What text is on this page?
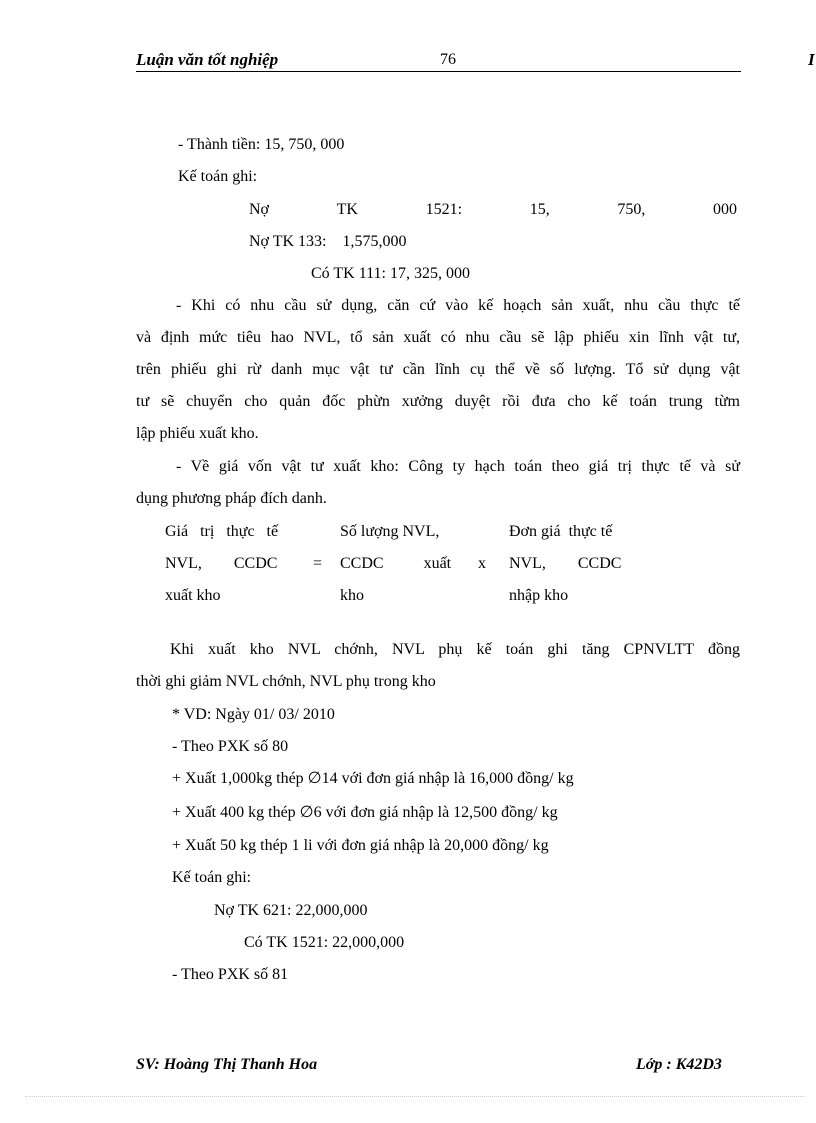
Luận văn tốt nghiệp	76	I
- Thành tiền: 15, 750, 000
Kế toán ghi:
Nợ	TK	1521:	15,	750,	000
Nợ TK 133:    1,575,000
Có TK 111: 17, 325, 000
- Khi có nhu cầu sử dụng, căn cứ vào kế hoạch sản xuất, nhu cầu thực tế
và định mức tiêu hao NVL, tổ sản xuất có nhu cầu sẽ lập phiếu xin lĩnh vật tư,
trên phiếu ghi rừ danh mục vật tư cần lĩnh cụ thể về số lượng. Tổ sử dụng vật
tư sẽ chuyển cho quản đốc phừn xưởng duyệt rồi đưa cho kế toán trung từm
lập phiếu xuất kho.
- Về giá vốn vật tư xuất kho: Công ty hạch toán theo giá trị thực tế và sử
dụng phương pháp đích danh.
Giá   trị   thực   tế
NVL,        CCDC
xuất kho
=
Số lượng NVL,
CCDC          xuất
kho
x
Đơn giá  thực tế
NVL,        CCDC
nhập kho
Khi xuất kho NVL chớnh, NVL phụ kế toán ghi tăng CPNVLTT đồng
thời ghi giảm NVL chớnh, NVL phụ trong kho
* VD: Ngày 01/ 03/ 2010
- Theo PXK số 80
+ Xuất 1,000kg thép ∅14 với đơn giá nhập là 16,000 đồng/ kg
+ Xuất 400 kg thép ∅6 với đơn giá nhập là 12,500 đồng/ kg
+ Xuất 50 kg thép 1 li với đơn giá nhập là 20,000 đồng/ kg
Kế toán ghi:
Nợ TK 621: 22,000,000
Có TK 1521: 22,000,000
- Theo PXK số 81
SV: Hoàng Thị Thanh Hoa	Lớp : K42D3
